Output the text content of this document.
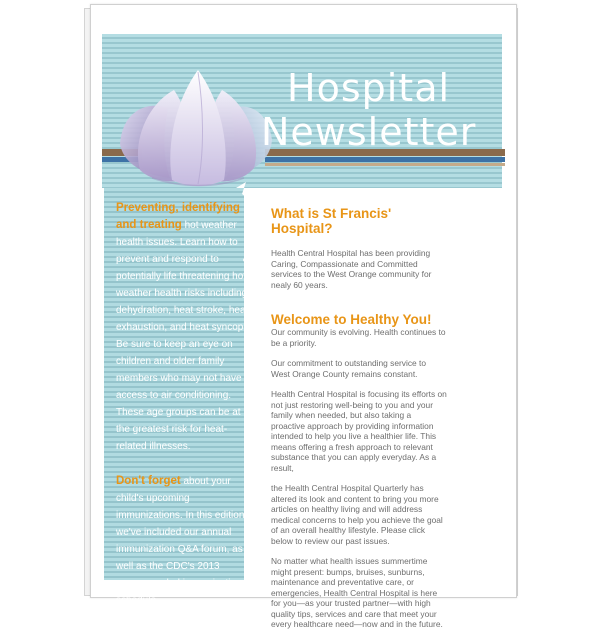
Hospital
Newsletter

Preventing, identifying and treating hot weather health issues. Learn how to prevent and respond to potentially life threatening hot weather health risks including dehydration, heat stroke, heat exhaustion, and heat syncope. Be sure to keep an eye on children and older family members who may not have access to air conditioning. These age groups can be at the greatest risk for heat-related illnesses.

Don't forget about your child's upcoming immunizations. In this edition, we've included our annual immunization Q&A forum, as well as the CDC's 2013 recommended immunization schedule.

What is St Francis' Hospital?

Health Central Hospital has been providing Caring, Compassionate and Committed services to the West Orange community for nealy 60 years.

Welcome to Healthy You!

Our community is evolving. Health continues to be a priority.

Our commitment to outstanding service to West Orange County remains constant.

Health Central Hospital is focusing its efforts on not just restoring well-being to you and your family when needed, but also taking a proactive approach by providing information intended to help you live a healthier life. This means offering a fresh approach to relevant substance that you can apply everyday. As a result,

the Health Central Hospital Quarterly has altered its look and content to bring you more articles on healthy living and will address medical concerns to help you achieve the goal of an overall healthy lifestyle. Please click below to review our past issues.

No matter what health issues summertime might present: bumps, bruises, sunburns, maintenance and preventative care, or emergencies, Health Central Hospital is here for you—as your trusted partner—with high quality tips, services and care that meet your every healthcare need—now and in the future.
